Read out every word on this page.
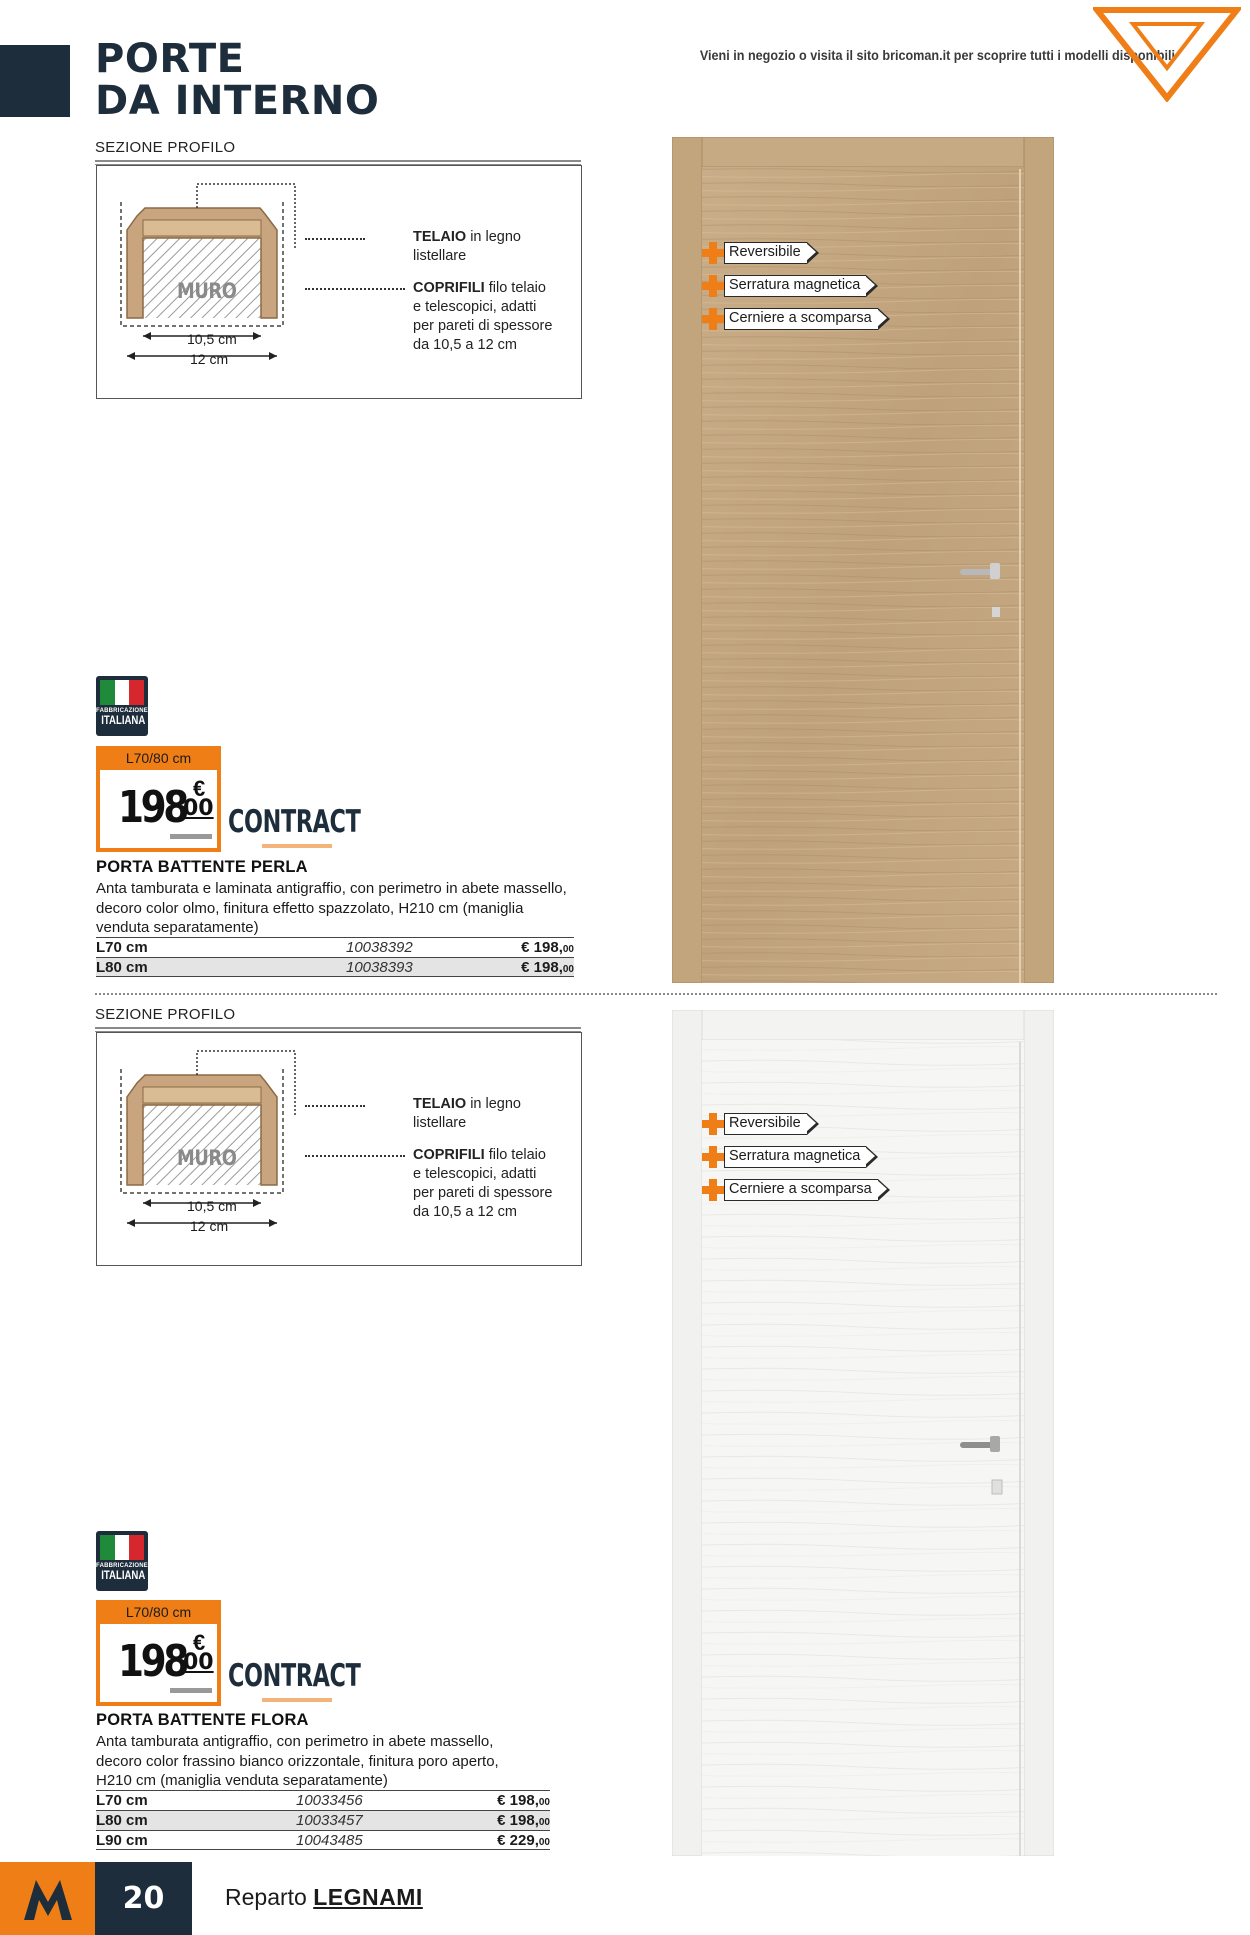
PORTE
DA INTERNO
Vieni in negozio o visita il sito bricoman.it per scoprire tutti i modelli disponibili
SEZIONE PROFILO
MURO
10,5 cm
12 cm
TELAIO in legno
listellare
COPRIFILI filo telaio
e telescopici, adatti
per pareti di spessore
da 10,5 a 12 cm
Reversibile
Serratura magnetica
Cerniere a scomparsa
FABBRICAZIONE
ITALIANA
L70/80 cm
198 €
00 CONTRACT
PORTA BATTENTE PERLA
Anta tamburata e laminata antigraffio, con perimetro in abete massello, decoro color olmo, finitura effetto spazzolato, H210 cm (maniglia venduta separatamente)
L70 cm	10038392	€ 198,00
L80 cm	10038393	€ 198,00
SEZIONE PROFILO
MURO
10,5 cm
12 cm
TELAIO in legno
listellare
COPRIFILI filo telaio
e telescopici, adatti
per pareti di spessore
da 10,5 a 12 cm
Reversibile
Serratura magnetica
Cerniere a scomparsa
FABBRICAZIONE
ITALIANA
L70/80 cm
198 €
00 CONTRACT
PORTA BATTENTE FLORA
Anta tamburata antigraffio, con perimetro in abete massello, decoro color frassino bianco orizzontale, finitura poro aperto, H210 cm (maniglia venduta separatamente)
L70 cm	10033456	€ 198,00
L80 cm	10033457	€ 198,00
L90 cm	10043485	€ 229,00
20	Reparto LEGNAMI
